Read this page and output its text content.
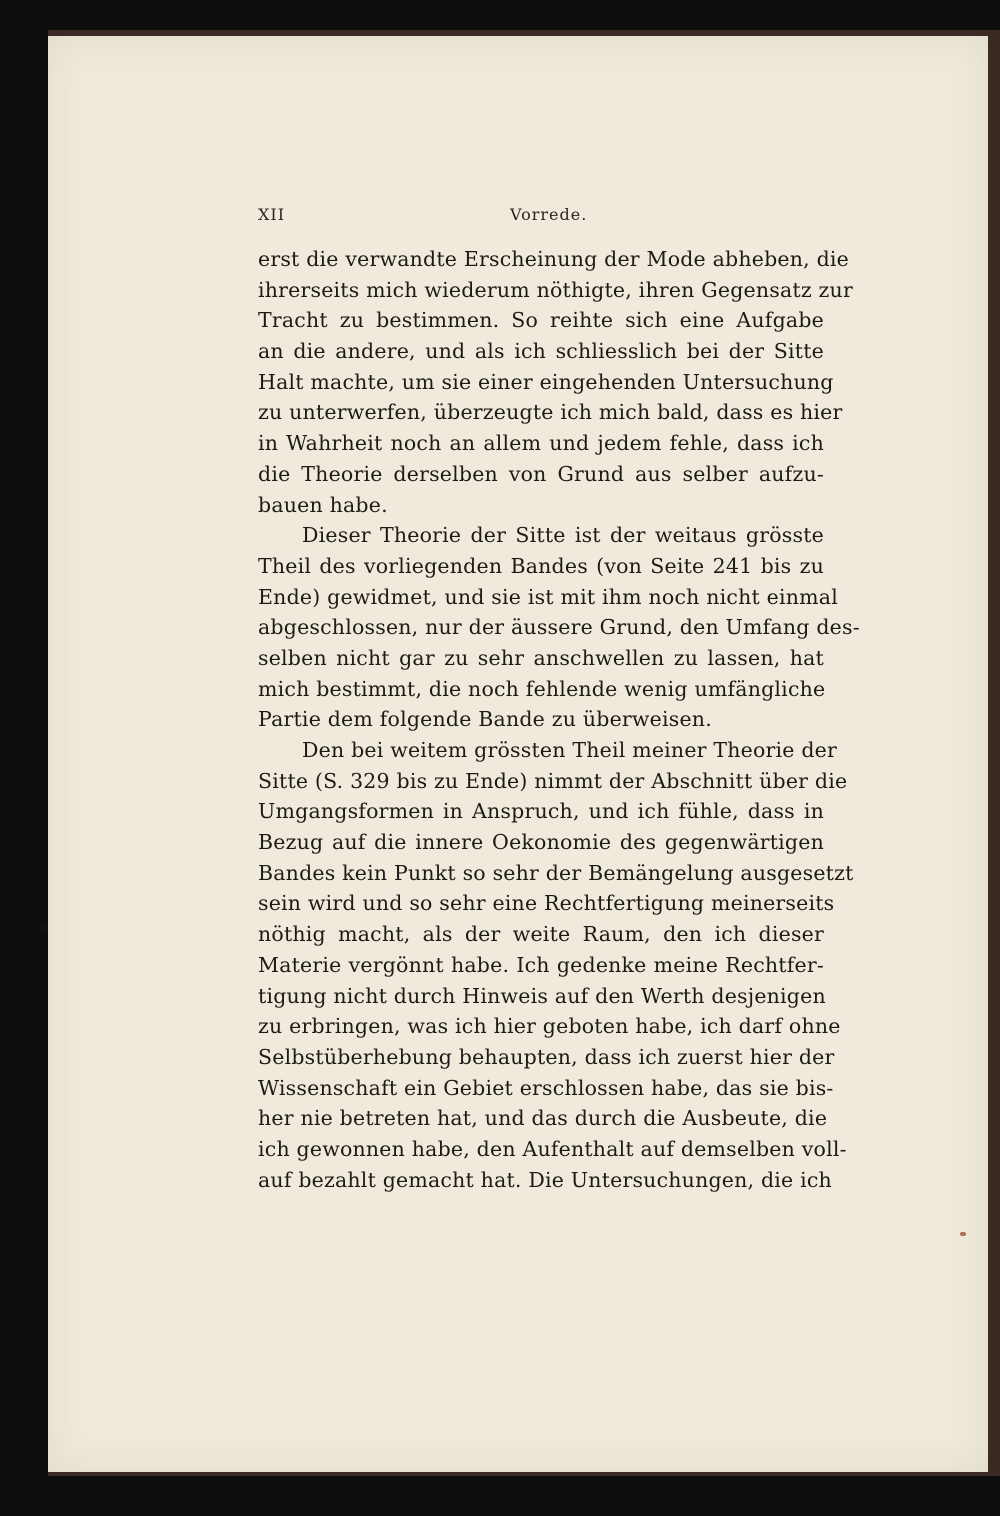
XII	Vorrede.
erst die verwandte Erscheinung der Mode abheben, die
ihrerseits mich wiederum nöthigte, ihren Gegensatz zur
Tracht zu bestimmen. So reihte sich eine Aufgabe
an die andere, und als ich schliesslich bei der Sitte
Halt machte, um sie einer eingehenden Untersuchung
zu unterwerfen, überzeugte ich mich bald, dass es hier
in Wahrheit noch an allem und jedem fehle, dass ich
die Theorie derselben von Grund aus selber aufzu-
bauen habe.
Dieser Theorie der Sitte ist der weitaus grösste
Theil des vorliegenden Bandes (von Seite 241 bis zu
Ende) gewidmet, und sie ist mit ihm noch nicht einmal
abgeschlossen, nur der äussere Grund, den Umfang des-
selben nicht gar zu sehr anschwellen zu lassen, hat
mich bestimmt, die noch fehlende wenig umfängliche
Partie dem folgende Bande zu überweisen.
Den bei weitem grössten Theil meiner Theorie der
Sitte (S. 329 bis zu Ende) nimmt der Abschnitt über die
Umgangsformen in Anspruch, und ich fühle, dass in
Bezug auf die innere Oekonomie des gegenwärtigen
Bandes kein Punkt so sehr der Bemängelung ausgesetzt
sein wird und so sehr eine Rechtfertigung meinerseits
nöthig macht, als der weite Raum, den ich dieser
Materie vergönnt habe. Ich gedenke meine Rechtfer-
tigung nicht durch Hinweis auf den Werth desjenigen
zu erbringen, was ich hier geboten habe, ich darf ohne
Selbstüberhebung behaupten, dass ich zuerst hier der
Wissenschaft ein Gebiet erschlossen habe, das sie bis-
her nie betreten hat, und das durch die Ausbeute, die
ich gewonnen habe, den Aufenthalt auf demselben voll-
auf bezahlt gemacht hat. Die Untersuchungen, die ich
